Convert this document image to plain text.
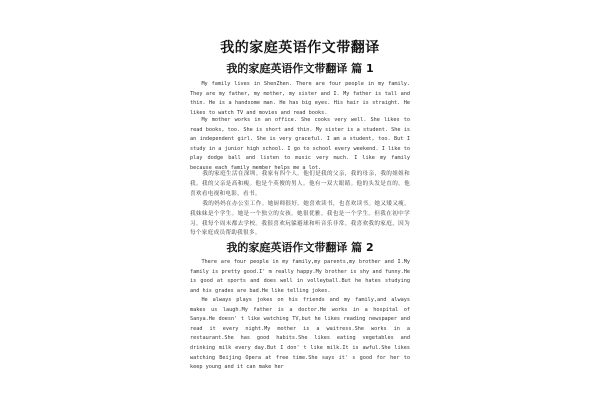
我的家庭英语作文带翻译
我的家庭英语作文带翻译 篇 1
My family lives in ShenZhen. There are four people in my family. They are my father, my mother, my sister and I. My father is tall and thin. He is a handsome man. He has big eyes. His hair is straight. He likes to watch TV and movies and read books.
My mother works in an office. She cooks very well. She likes to read books, too. She is short and thin. My sister is a student. She is an independent girl. She is very graceful. I am a student, too. But I study in a junior high school. I go to school every weekend. I like to play dodge ball and listen to music very much. I like my family because each family member helps me a lot.
我的家庭生活在深圳。我家有四个人。他们是我的父亲，我的母亲，我的姐姐和我。我的父亲是高和瘦。他是个英俊的男人。他有一双大眼睛。他的头发是直的。他喜欢看电视和电影，看书。
我的妈妈在办公室工作。她厨师很好。她喜欢读书，也喜欢读书。她又矮又瘦。我妹妹是个学生。她是一个独立的女孩。她很优雅。我也是一个学生。但我在初中学习。我每个周末都去学校。我很喜欢玩躲避球和听音乐非常。我喜欢我的家庭，因为每个家庭成员帮助我很多。
我的家庭英语作文带翻译 篇 2
There are four people in my family,my parents,my brother and I.My family is pretty good.I' m really happy.My brother is shy and funny.He is good at sports and does well in volleyball.But he hates studying and his grades are bad.He like telling jokes.
He always plays jokes on his friends and my family,and always makes us laugh.My father is a doctor.He works in a hospital of Sanya.He doesn' t like watching TV,but he likes reading newspaper and read it every night.My mother is a waitress.She works in a restaurant.She has good habits.She likes eating vegetables and drinking milk every day.But I don' t like milk.It is awful.She likes watching Beijing Opera at free time.She says it' s good for her to keep young and it can make her
